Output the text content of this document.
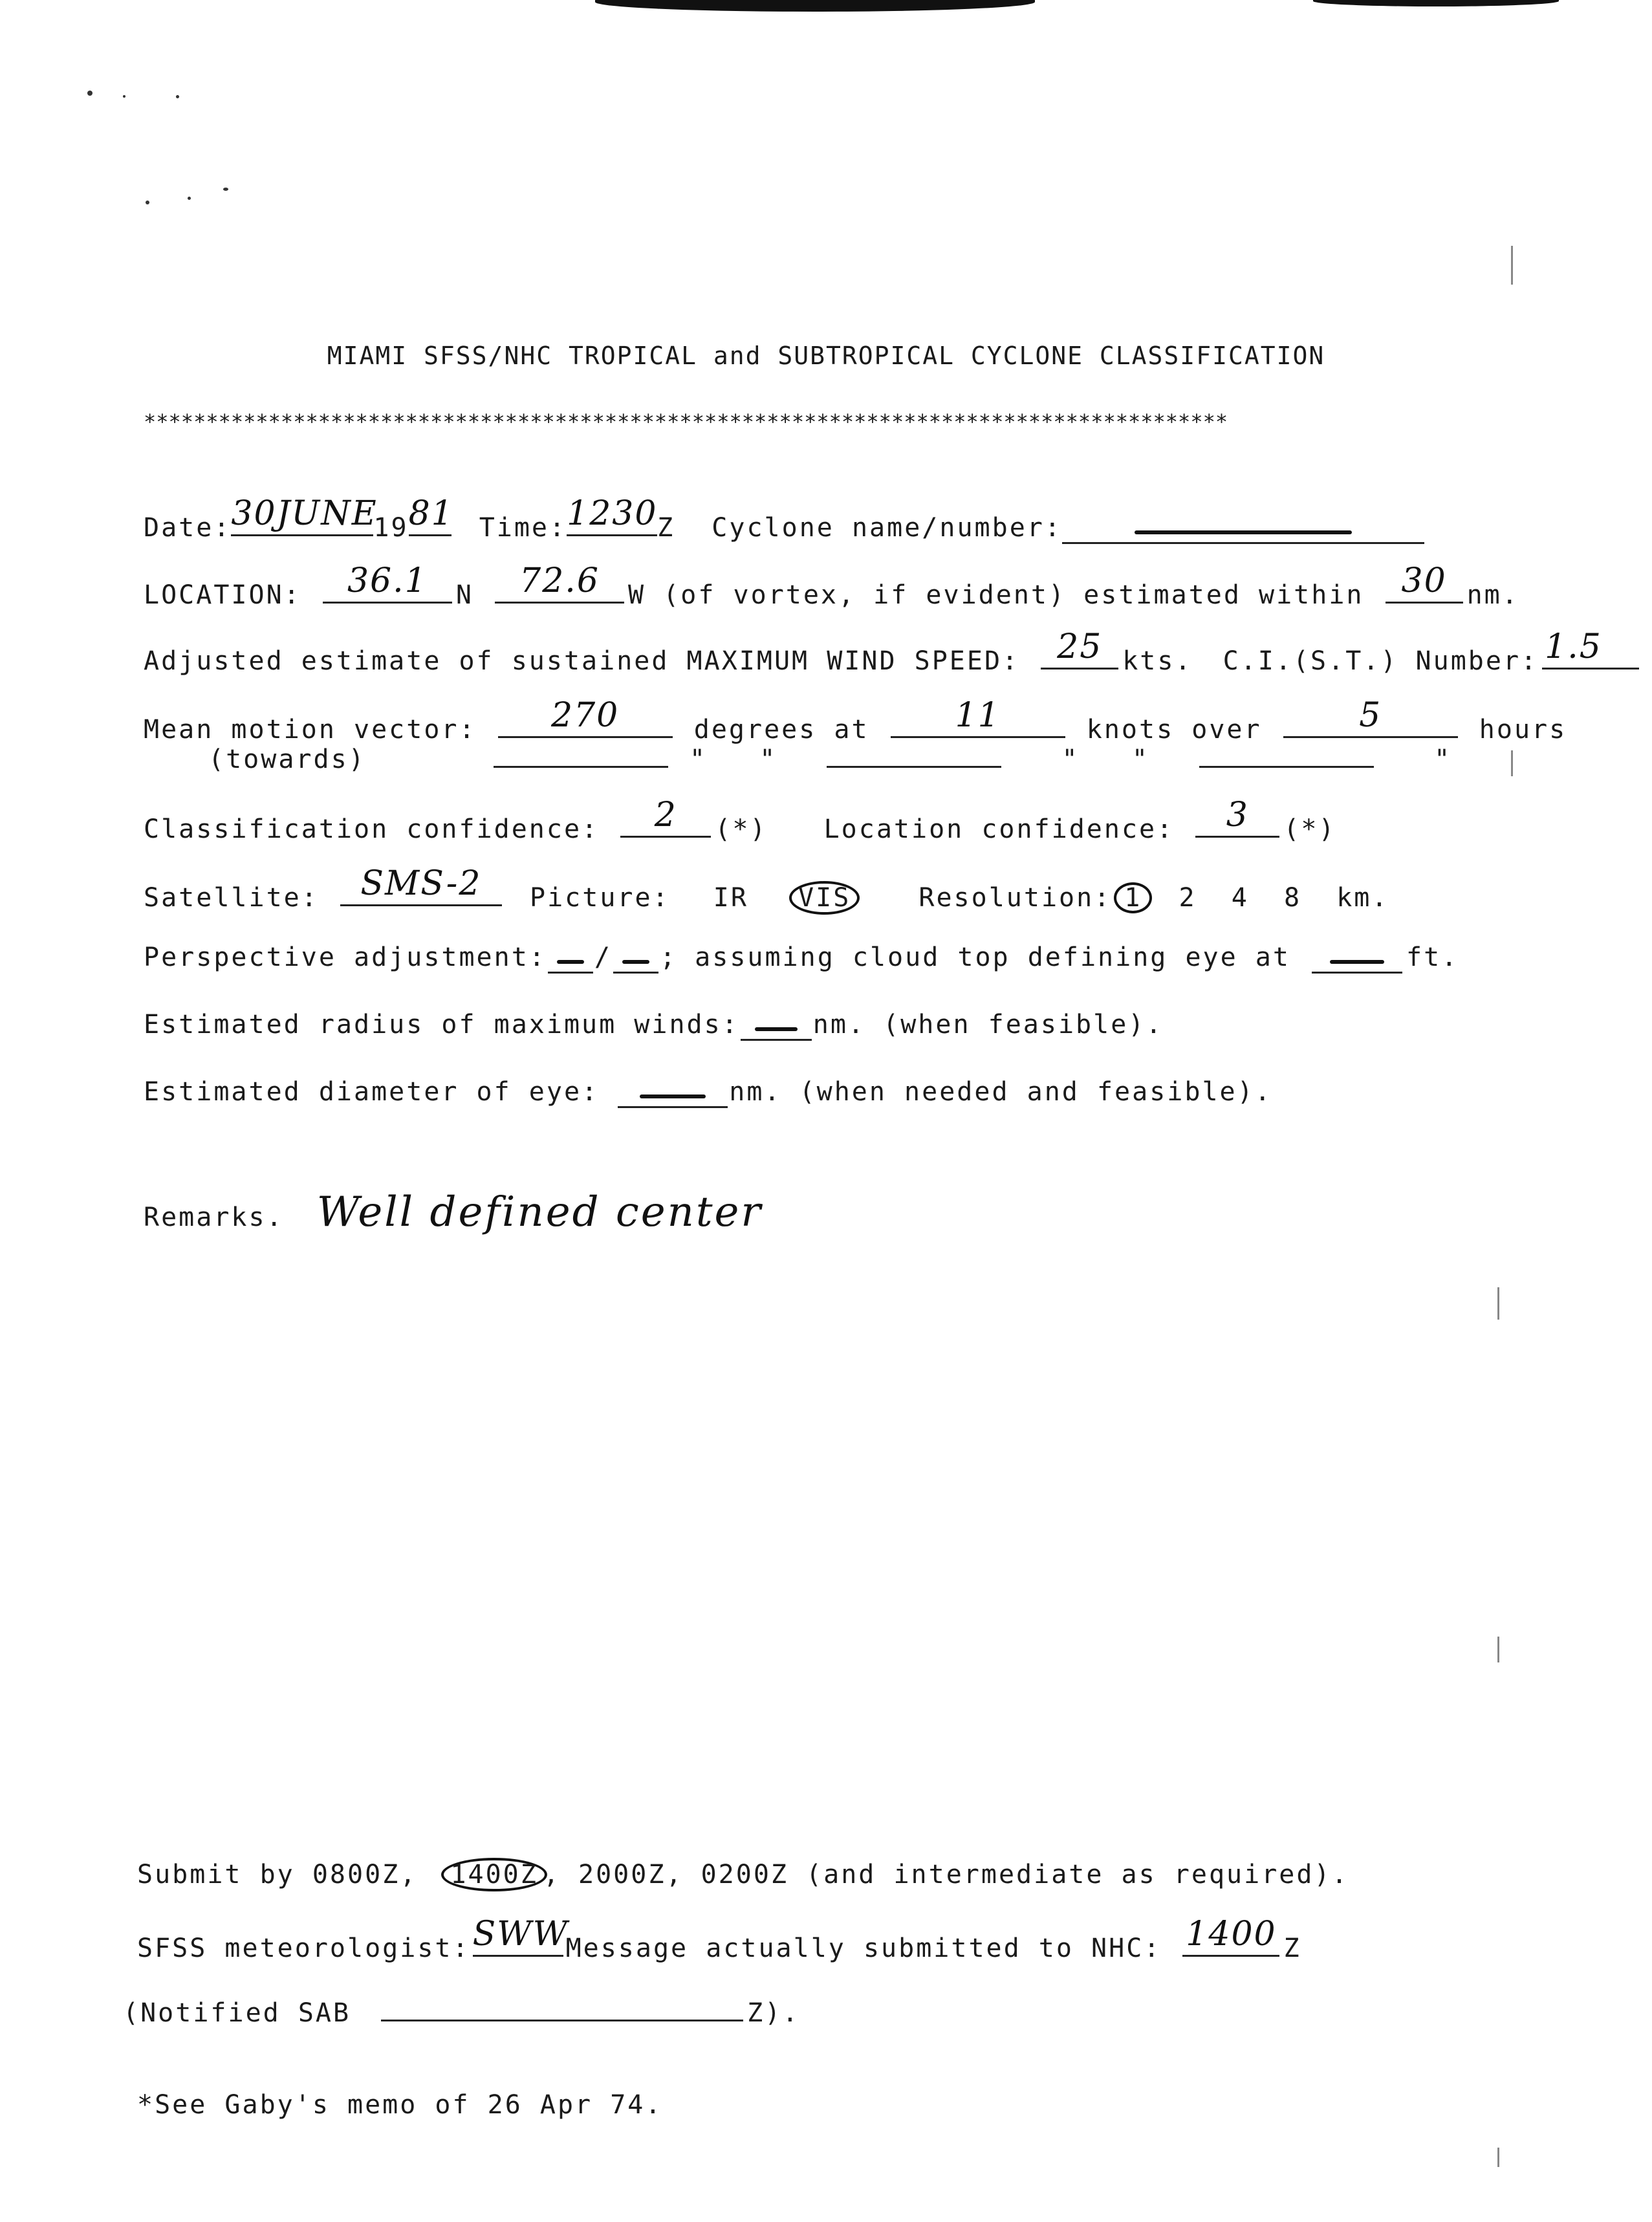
MIAMI SFSS/NHC TROPICAL and SUBTROPICAL CYCLONE CLASSIFICATION
***************************************************************************************
Date: 30JUNE
19 81 Time: 1230 Z Cyclone name/number:
LOCATION:	36.1	N	72.6	W (of vortex, if evident) estimated within	30 nm.
Adjusted estimate of sustained MAXIMUM WIND SPEED:	25 kts. C.I.(S.T.) Number: 1.5
Mean motion vector:	270	degrees at	11	knots over	5	hours
(towards)	"   "	"   "	"
Classification confidence:	2	(*) Location confidence:	3	(*)
Satellite:	SMS-2	Picture: IR VIS	Resolution: 1 2  4  8  km.
Perspective adjustment: / ; assuming cloud top defining eye at	ft.
Estimated radius of maximum winds:	nm. (when feasible).
Estimated diameter of eye:	nm. (when needed and feasible).
Remarks. Well defined center
Submit by 0800Z, 1400Z , 2000Z, 0200Z (and intermediate as required).
SFSS meteorologist: SWW
Message actually submitted to NHC: 1400 Z
(Notified SAB	Z).
*See Gaby's memo of 26 Apr 74.
